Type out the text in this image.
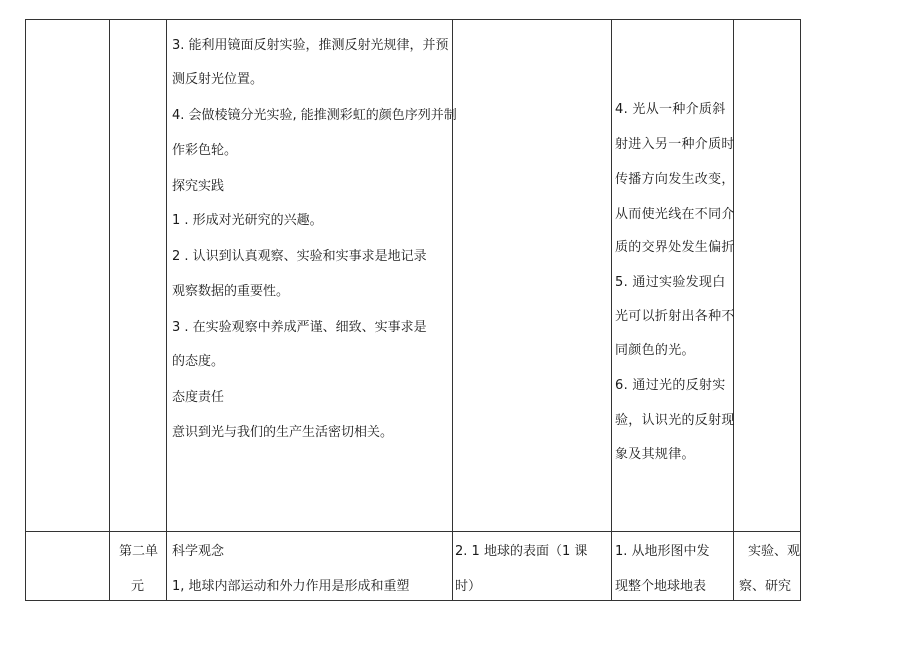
3. 能利用镜面反射实验，推测反射光规律，并预
测反射光位置。
4. 会做棱镜分光实验, 能推测彩虹的颜色序列并制
作彩色轮。
探究实践
1 . 形成对光研究的兴趣。
2 . 认识到认真观察、实验和实事求是地记录
观察数据的重要性。
3 . 在实验观察中养成严谨、细致、实事求是
的态度。
态度责任
意识到光与我们的生产生活密切相关。
4. 光从一种介质斜
射进入另一种介质时
传播方向发生改变，
从而使光线在不同介
质的交界处发生偏折
5. 通过实验发现白
光可以折射出各种不
同颜色的光。
6. 通过光的反射实
验，认识光的反射现
象及其规律。
第二单
元
科学观念
1, 地球内部运动和外力作用是形成和重塑
2. 1 地球的表面（1 课
时）
1. 从地形图中发
现整个地球地表
实验、观
察、研究
